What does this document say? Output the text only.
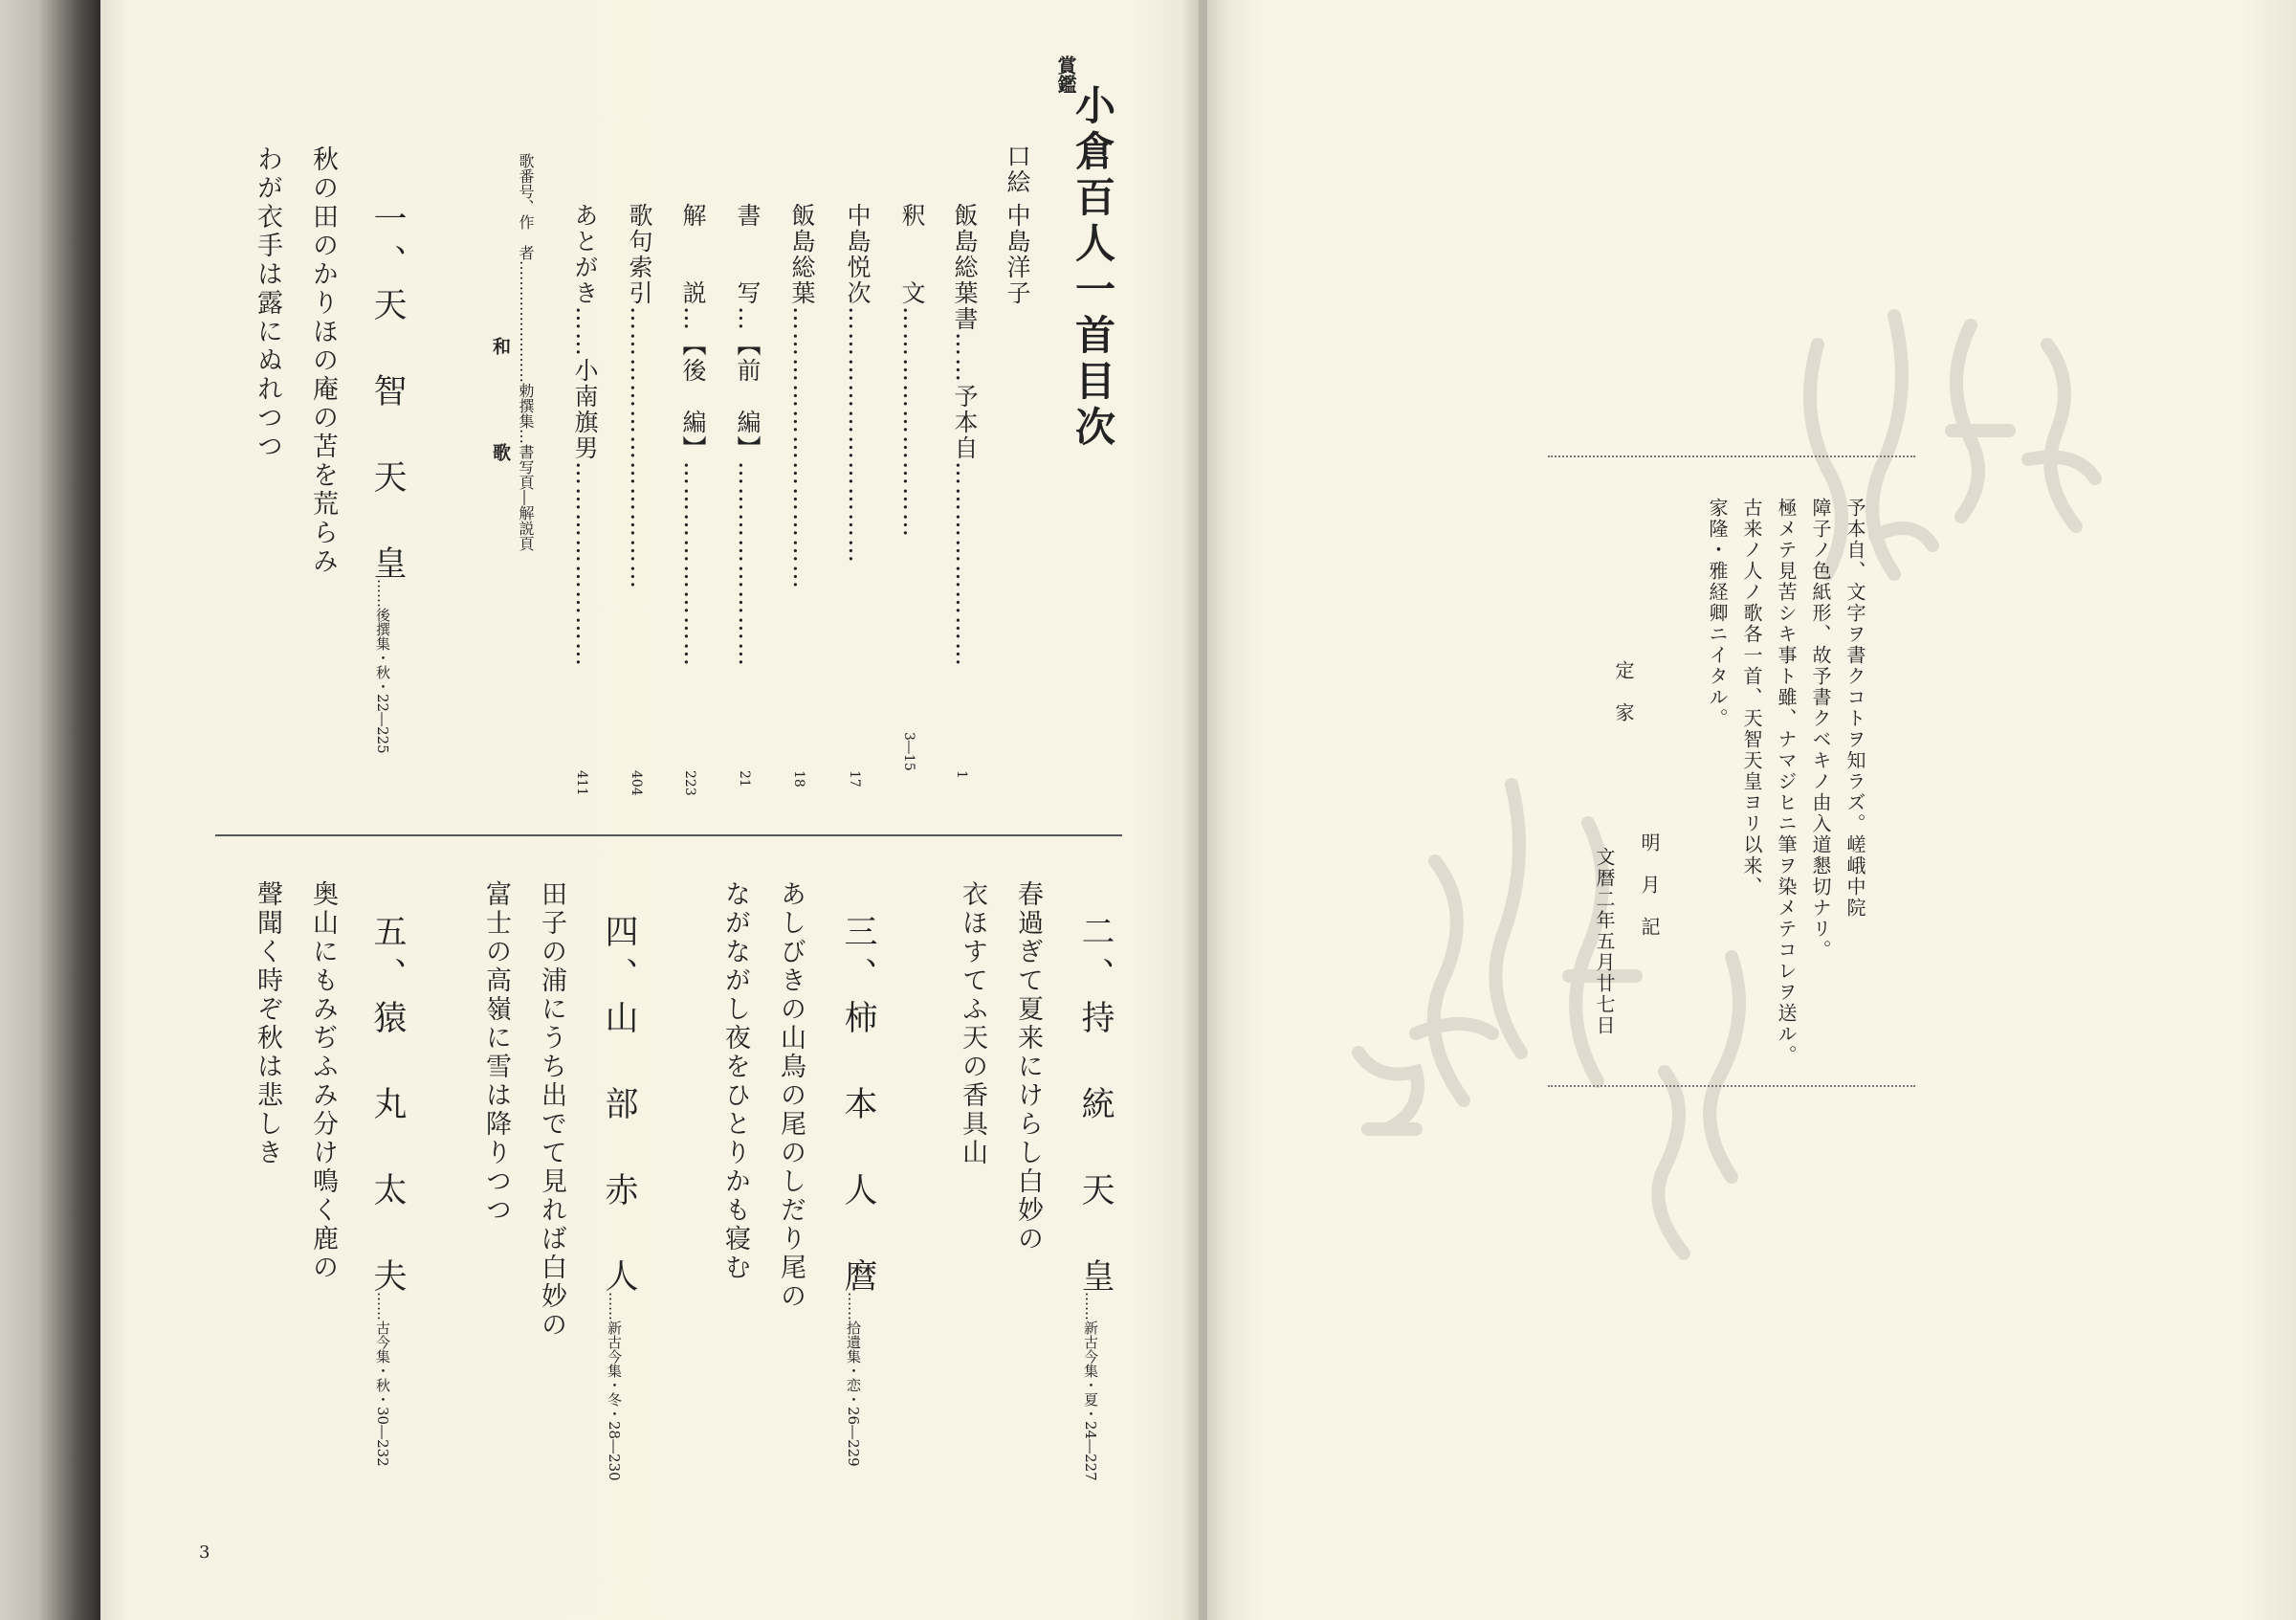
賞鑑
小倉百人一首目次
口絵
中島洋子
飯島総葉書……予本自……………………
1
釈　　文………………………
3―15
中島悦次…………………………
17
飯島総葉……………………………
18
書　　写…【前　編】……………………
21
解　　説…【後　編】……………………
223
歌句索引……………………………
404
あとがき……小南旗男……………………
411
歌番号、作　者……………………勅撰集…書写頁―解説頁
和　　歌
一、天　智　天　皇
……後撰集・秋・22―225
秋の田のかりほの庵の苫を荒らみ
わが衣手は露にぬれつつ
二、持　統　天　皇
……新古今集・夏・24―227
春過ぎて夏来にけらし白妙の
衣ほすてふ天の香具山
三、柿　本　人　麿
……拾遺集・恋・26―229
あしびきの山鳥の尾のしだり尾の
ながながし夜をひとりかも寝む
四、山　部　赤　人
……新古今集・冬・28―230
田子の浦にうち出でて見れば白妙の
富士の高嶺に雪は降りつつ
五、猿　丸　太　夫
……古今集・秋・30―232
奥山にもみぢふみ分け鳴く鹿の
聲聞く時ぞ秋は悲しき
3
予本自、文字ヲ書クコトヲ知ラズ。嵯峨中院
障子ノ色紙形、故予書クベキノ由入道懇切ナリ。
極メテ見苦シキ事ト雖、ナマジヒニ筆ヲ染メテコレヲ送ル。
古来ノ人ノ歌各一首、天智天皇ヨリ以来、
家隆・雅経卿ニイタル。
定　家
明　月　記
文暦二年五月廿七日
